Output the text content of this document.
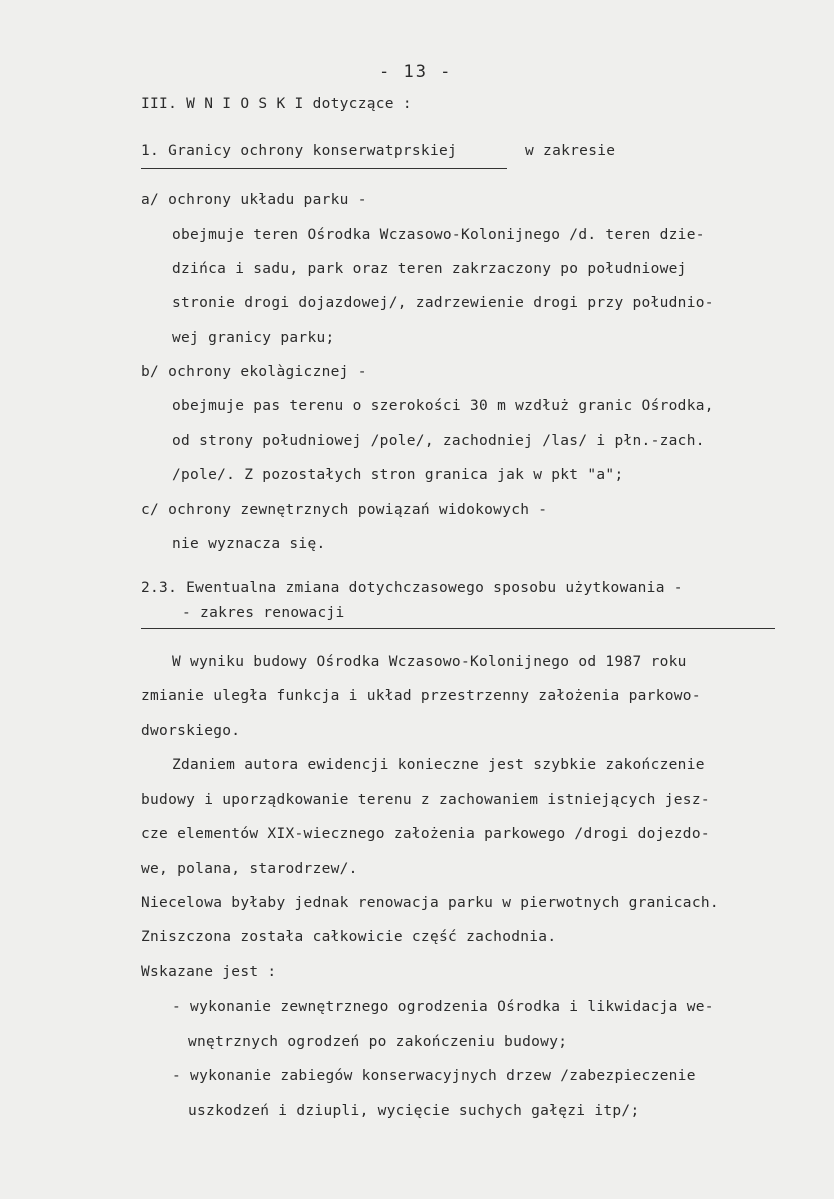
- 13 -
III. W N I O S K I dotyczące :
1. Granicy ochrony konserwatprskiej	w zakresie
a/ ochrony układu parku -
obejmuje teren Ośrodka Wczasowo-Kolonijnego /d. teren dzie-
dzińca i sadu, park oraz teren zakrzaczony po południowej
stronie drogi dojazdowej/, zadrzewienie drogi przy południo-
wej granicy parku;
b/ ochrony ekolàgicznej -
obejmuje pas terenu o szerokości 30 m wzdłuż granic Ośrodka,
od strony południowej /pole/, zachodniej /las/ i płn.-zach.
/pole/. Z pozostałych stron granica jak w pkt "a";
c/ ochrony zewnętrznych powiązań widokowych -
nie wyznacza się.
2.3. Ewentualna zmiana dotychczasowego sposobu użytkowania -
- zakres renowacji
W wyniku budowy Ośrodka Wczasowo-Kolonijnego od 1987 roku
zmianie uległa funkcja i układ przestrzenny założenia parkowo-
dworskiego.
Zdaniem autora ewidencji konieczne jest szybkie zakończenie
budowy i uporządkowanie terenu z zachowaniem istniejących jesz-
cze elementów XIX-wiecznego założenia parkowego /drogi dojezdo-
we, polana, starodrzew/.
Niecelowa byłaby jednak renowacja parku w pierwotnych granicach.
Zniszczona została całkowicie część zachodnia.
Wskazane jest :
- wykonanie zewnętrznego ogrodzenia Ośrodka i likwidacja we-
wnętrznych ogrodzeń po zakończeniu budowy;
- wykonanie zabiegów konserwacyjnych drzew /zabezpieczenie
uszkodzeń i dziupli, wycięcie suchych gałęzi itp/;
